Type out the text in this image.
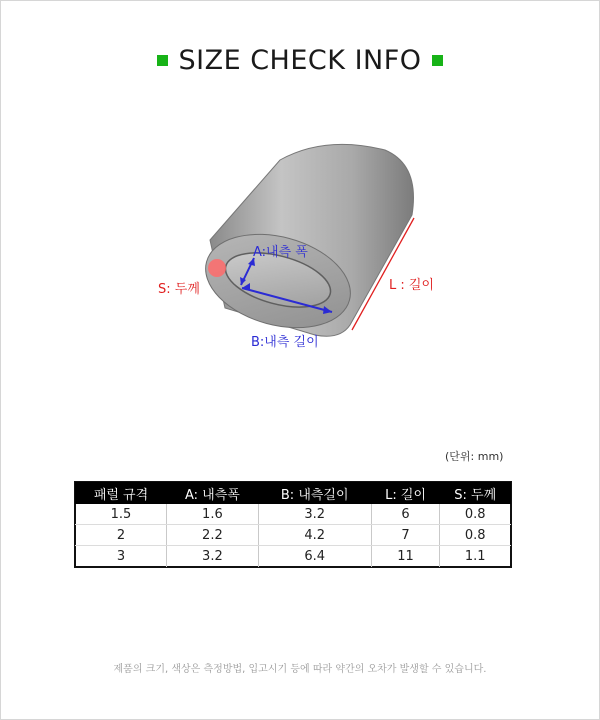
SIZE CHECK INFO
A:내측 폭
B:내측 길이
S: 두께	L : 길이
(단위: mm)
패럴 규격	A: 내측폭	B: 내측길이	L: 길이	S: 두께
1.5	1.6	3.2	6	0.8
2	2.2	4.2	7	0.8
3	3.2	6.4	11	1.1
제품의 크기, 색상은 측정방법, 입고시기 등에 따라 약간의 오차가 발생할 수 있습니다.
